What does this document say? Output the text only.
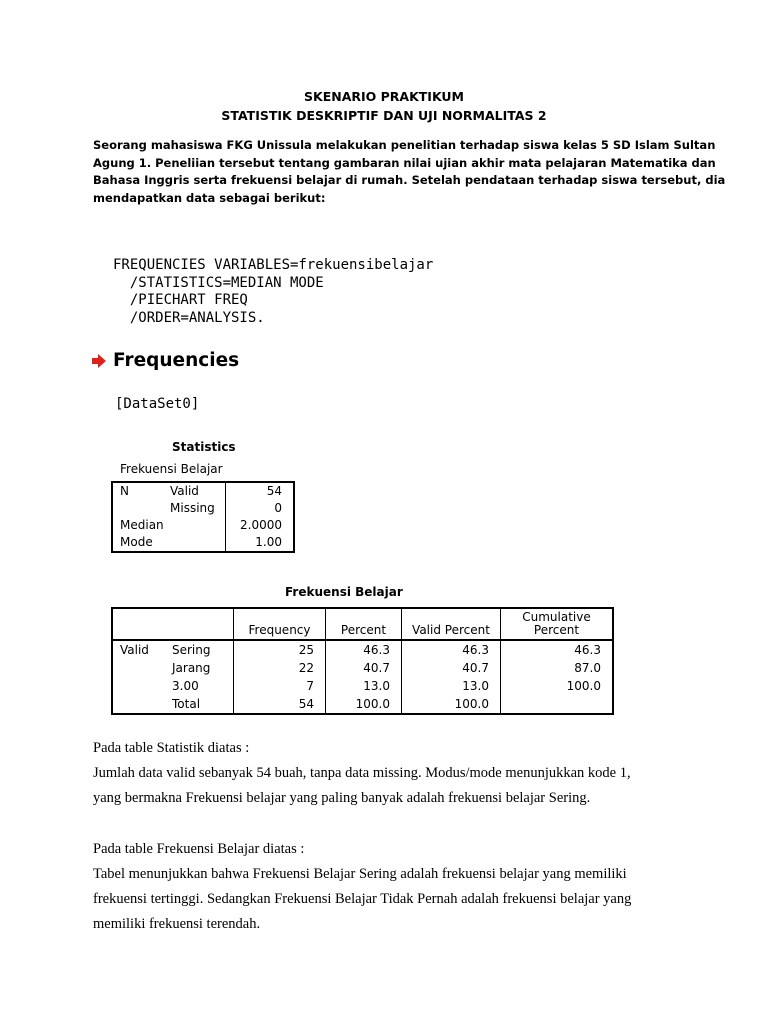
SKENARIO PRAKTIKUM
STATISTIK DESKRIPTIF DAN UJI NORMALITAS 2
Seorang mahasiswa FKG Unissula melakukan penelitian terhadap siswa kelas 5 SD Islam Sultan
Agung 1. Peneliian tersebut tentang gambaran nilai ujian akhir mata pelajaran Matematika dan
Bahasa Inggris serta frekuensi belajar di rumah. Setelah pendataan terhadap siswa tersebut, dia
mendapatkan data sebagai berikut:
FREQUENCIES VARIABLES=frekuensibelajar
/STATISTICS=MEDIAN MODE
/PIECHART FREQ
/ORDER=ANALYSIS.
Frequencies
[DataSet0]
Statistics
Frekuensi Belajar
N	Valid	54
	Missing	0
Median		2.0000
Mode		1.00
Frekuensi Belajar
		Frequency	Percent	Valid Percent	Cumulative
Percent

Valid	Sering	25	46.3	46.3	46.3
	Jarang	22	40.7	40.7	87.0
	3.00	7	13.0	13.0	100.0
	Total	54	100.0	100.0	
Pada table Statistik diatas :
Jumlah data valid sebanyak 54 buah, tanpa data missing. Modus/mode menunjukkan kode 1,
yang bermakna Frekuensi belajar yang paling banyak adalah frekuensi belajar Sering.
Pada table Frekuensi Belajar diatas :
Tabel menunjukkan bahwa Frekuensi Belajar Sering adalah frekuensi belajar yang memiliki
frekuensi tertinggi. Sedangkan Frekuensi Belajar Tidak Pernah adalah frekuensi belajar yang
memiliki frekuensi terendah.
